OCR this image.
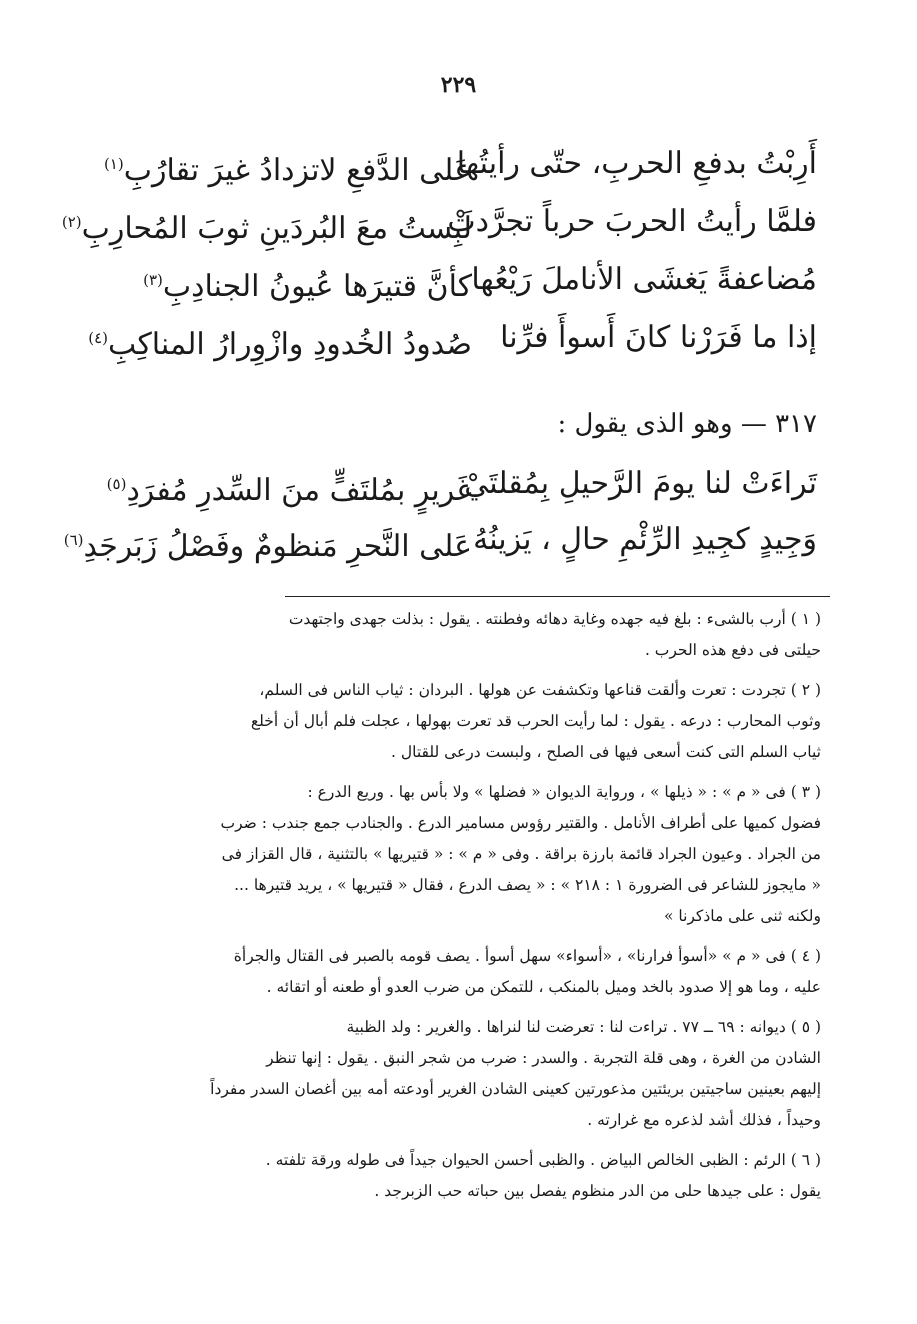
٢٢٩
أَرِبْتُ بدفعِ الحربِ، حتّى رأيتُها
عَلى الدَّفعِ لاتزدادُ غيرَ تقارُبِ$^{(١)}$
فلمَّا رأيتُ الحربَ حرباً تجرَّدتْ
لَبِستُ معَ البُردَينِ ثوبَ المُحارِبِ$^{(٢)}$
مُضاعفةً يَغشَى الأناملَ رَيْعُها
كأنَّ قتيرَها عُيونُ الجنادِبِ$^{(٣)}$
إذا ما فَرَرْنا كانَ أَسوأَ فرِّنا
صُدودُ الخُدودِ وازْوِرارُ المناكِبِ$^{(٤)}$
٣١٧ — وهو الذى يقول :
تَراءَتْ لنا يومَ الرَّحيلِ بِمُقلتَيْ
غَريرٍ بمُلتَفٍّ منَ السِّدرِ مُفرَدِ$^{(٥)}$
وَجِيدٍ كجِيدِ الرِّئْمِ حالٍ ، يَزينُهُ
عَلى النَّحرِ مَنظومٌ وفَصْلُ زَبَرجَدِ$^{(٦)}$

( ١ ) أرب بالشىء : بلغ فيه جهده وغاية دهائه وفطنته . يقول : بذلت جهدى واجتهدت

حيلتى فى دفع هذه الحرب .

( ٢ ) تجردت : تعرت وألقت قناعها وتكشفت عن هولها . البردان : ثياب الناس فى السلم،

وثوب المحارب : درعه . يقول : لما رأيت الحرب قد تعرت بهولها ، عجلت فلم أبال أن أخلع

ثياب السلم التى كنت أسعى فيها فى الصلح ، ولبست درعى للقتال .

( ٣ ) فى « م » : « ذيلها » ، ورواية الديوان « فضلها » ولا بأس بها . وريع الدرع :

فضول كميها على أطراف الأنامل . والقتير رؤوس مسامير الدرع . والجنادب جمع جندب : ضرب

من الجراد . وعيون الجراد قائمة بارزة براقة . وفى « م » : « قتيريها » بالتثنية ، قال القزاز فى

« مايجوز للشاعر فى الضرورة ١ : ٢١٨ » : « يصف الدرع ، فقال « قتيريها » ، يريد قتيرها ...

ولكنه ثنى على ماذكرنا »

( ٤ ) فى « م » «أسوأ فرارنا» ، «أسواء» سهل أسوأ . يصف قومه بالصبر فى القتال والجرأة

عليه ، وما هو إلا صدود بالخد وميل بالمنكب ، للتمكن من ضرب العدو أو طعنه أو اتقائه .

( ٥ ) ديوانه : ٦٩ ــ ٧٧ . تراءت لنا : تعرضت لنا لنراها . والغرير : ولد الظبية

الشادن من الغرة ، وهى قلة التجربة . والسدر : ضرب من شجر النبق . يقول : إنها تنظر

إليهم بعينين ساجيتين بريئتين مذعورتين كعينى الشادن الغرير أودعته أمه بين أغصان السدر مفرداً

وحيداً ، فذلك أشد لذعره مع غرارته .

( ٦ ) الرئم : الظبى الخالص البياض . والظبى أحسن الحيوان جيداً فى طوله ورقة تلفته .

يقول : على جيدها حلى من الدر منظوم يفصل بين حباته حب الزبرجد .
